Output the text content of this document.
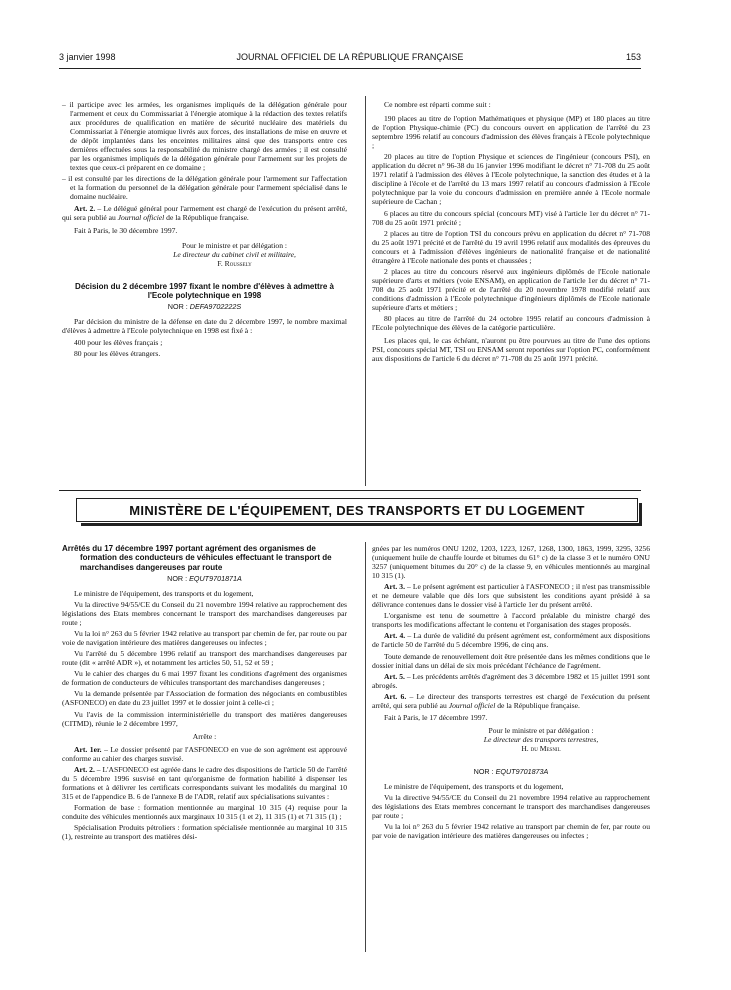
3 janvier 1998	JOURNAL OFFICIEL DE LA RÉPUBLIQUE FRANÇAISE	153

– il participe avec les armées, les organismes impliqués de la délégation générale pour l'armement et ceux du Commissariat à l'énergie atomique à la rédaction des textes relatifs aux procédures de qualification en matière de sécurité nucléaire des matériels du Commissariat à l'énergie atomique livrés aux forces, des installations de mise en œuvre et de dépôt implantées dans les enceintes militaires ainsi que des transports entre ces dernières effectuées sous la responsabilité du ministre chargé des armées ; il est consulté par les organismes impliqués de la délégation générale pour l'armement sur les projets de textes que ceux-ci préparent en ce domaine ;

– il est consulté par les directions de la délégation générale pour l'armement sur l'affectation et la formation du personnel de la délégation générale pour l'armement spécialisé dans le domaine nucléaire.

Art. 2. – Le délégué général pour l'armement est chargé de l'exécution du présent arrêté, qui sera publié au Journal officiel de la République française.

Fait à Paris, le 30 décembre 1997.

Pour le ministre et par délégation :

Le directeur du cabinet civil et militaire,

F. Roussely

Décision du 2 décembre 1997 fixant le nombre d'élèves à admettre à l'Ecole polytechnique en 1998

NOR : DEFA9702222S

Par décision du ministre de la défense en date du 2 décembre 1997, le nombre maximal d'élèves à admettre à l'Ecole polytechnique en 1998 est fixé à :

400 pour les élèves français ;

80 pour les élèves étrangers.

Ce nombre est réparti comme suit :

190 places au titre de l'option Mathématiques et physique (MP) et 180 places au titre de l'option Physique-chimie (PC) du concours ouvert en application de l'arrêté du 23 septembre 1996 relatif au concours d'admission des élèves français à l'Ecole polytechnique ;

20 places au titre de l'option Physique et sciences de l'ingénieur (concours PSI), en application du décret n° 96-38 du 16 janvier 1996 modifiant le décret n° 71-708 du 25 août 1971 relatif à l'admission des élèves à l'Ecole polytechnique, la sanction des études et à la discipline à l'école et de l'arrêté du 13 mars 1997 relatif au concours d'admission à l'Ecole polytechnique par la voie du concours d'admission en première année à l'Ecole normale supérieure de Cachan ;

6 places au titre du concours spécial (concours MT) visé à l'article 1er du décret n° 71-708 du 25 août 1971 précité ;

2 places au titre de l'option TSI du concours prévu en application du décret n° 71-708 du 25 août 1971 précité et de l'arrêté du 19 avril 1996 relatif aux modalités des épreuves du concours et à l'admission d'élèves ingénieurs de nationalité française et de nationalité étrangère à l'Ecole nationale des ponts et chaussées ;

2 places au titre du concours réservé aux ingénieurs diplômés de l'Ecole nationale supérieure d'arts et métiers (voie ENSAM), en application de l'article 1er du décret n° 71-708 du 25 août 1971 précité et de l'arrêté du 20 novembre 1978 modifié relatif aux conditions d'admission à l'Ecole polytechnique d'ingénieurs diplômés de l'Ecole nationale supérieure d'arts et métiers ;

80 places au titre de l'arrêté du 24 octobre 1995 relatif au concours d'admission à l'Ecole polytechnique des élèves de la catégorie particulière.

Les places qui, le cas échéant, n'auront pu être pourvues au titre de l'une des options PSI, concours spécial MT, TSI ou ENSAM seront reportées sur l'option PC, conformément aux dispositions de l'article 6 du décret n° 71-708 du 25 août 1971 précité.

MINISTÈRE DE L'ÉQUIPEMENT, DES TRANSPORTS ET DU LOGEMENT
Arrêtés du 17 décembre 1997 portant agrément des organismes de formation des conducteurs de véhicules effectuant le transport de marchandises dangereuses par route

NOR : EQUT9701871A

Le ministre de l'équipement, des transports et du logement,

Vu la directive 94/55/CE du Conseil du 21 novembre 1994 relative au rapprochement des législations des Etats membres concernant le transport des marchandises dangereuses par route ;

Vu la loi n° 263 du 5 février 1942 relative au transport par chemin de fer, par route ou par voie de navigation intérieure des matières dangereuses ou infectes ;

Vu l'arrêté du 5 décembre 1996 relatif au transport des marchandises dangereuses par route (dit « arrêté ADR »), et notamment les articles 50, 51, 52 et 59 ;

Vu le cahier des charges du 6 mai 1997 fixant les conditions d'agrément des organismes de formation de conducteurs de véhicules transportant des marchandises dangereuses ;

Vu la demande présentée par l'Association de formation des négociants en combustibles (ASFONECO) en date du 23 juillet 1997 et le dossier joint à celle-ci ;

Vu l'avis de la commission interministérielle du transport des matières dangereuses (CITMD), réunie le 2 décembre 1997,

Arrête :

Art. 1er. – Le dossier présenté par l'ASFONECO en vue de son agrément est approuvé conforme au cahier des charges susvisé.

Art. 2. – L'ASFONECO est agréée dans le cadre des dispositions de l'article 50 de l'arrêté du 5 décembre 1996 susvisé en tant qu'organisme de formation habilité à dispenser les formations et à délivrer les certificats correspondants suivant les modalités du marginal 10 315 et de l'appendice B. 6 de l'annexe B de l'ADR, relatif aux spécialisations suivantes :

Formation de base : formation mentionnée au marginal 10 315 (4) requise pour la conduite des véhicules mentionnés aux marginaux 10 315 (1 et 2), 11 315 (1) et 71 315 (1) ;

Spécialisation Produits pétroliers : formation spécialisée mentionnée au marginal 10 315 (1), restreinte au transport des matières dési-

gnées par les numéros ONU 1202, 1203, 1223, 1267, 1268, 1300, 1863, 1999, 3295, 3256 (uniquement huile de chauffe lourde et bitumes du 61° c) de la classe 3 et le numéro ONU 3257 (uniquement bitumes du 20° c) de la classe 9, en véhicules mentionnés au marginal 10 315 (1).

Art. 3. – Le présent agrément est particulier à l'ASFONECO ; il n'est pas transmissible et ne demeure valable que dès lors que subsistent les conditions ayant présidé à sa délivrance contenues dans le dossier visé à l'article 1er du présent arrêté.

L'organisme est tenu de soumettre à l'accord préalable du ministre chargé des transports les modifications affectant le contenu et l'organisation des stages proposés.

Art. 4. – La durée de validité du présent agrément est, conformément aux dispositions de l'article 50 de l'arrêté du 5 décembre 1996, de cinq ans.

Toute demande de renouvellement doit être présentée dans les mêmes conditions que le dossier initial dans un délai de six mois précédant l'échéance de l'agrément.

Art. 5. – Les précédents arrêtés d'agrément des 3 décembre 1982 et 15 juillet 1991 sont abrogés.

Art. 6. – Le directeur des transports terrestres est chargé de l'exécution du présent arrêté, qui sera publié au Journal officiel de la République française.

Fait à Paris, le 17 décembre 1997.

Pour le ministre et par délégation :

Le directeur des transports terrestres,

H. du Mesnil

NOR : EQUT9701873A

Le ministre de l'équipement, des transports et du logement,

Vu la directive 94/55/CE du Conseil du 21 novembre 1994 relative au rapprochement des législations des Etats membres concernant le transport des marchandises dangereuses par route ;

Vu la loi n° 263 du 5 février 1942 relative au transport par chemin de fer, par route ou par voie de navigation intérieure des matières dangereuses ou infectes ;
